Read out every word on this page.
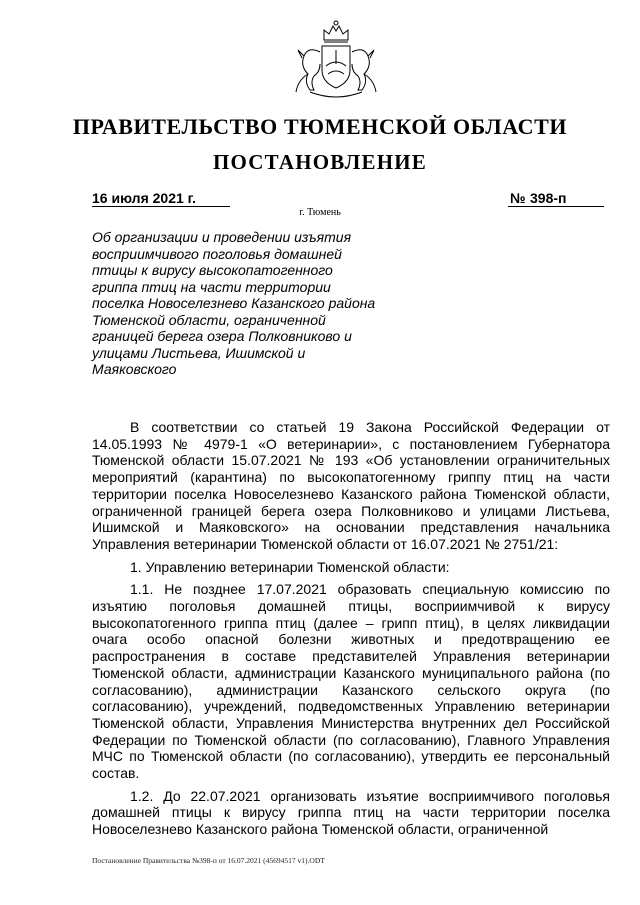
ПРАВИТЕЛЬСТВО ТЮМЕНСКОЙ ОБЛАСТИ
ПОСТАНОВЛЕНИЕ
16 июля 2021 г.	№ 398-п
г. Тюмень
Об организации и проведении изъятия восприимчивого поголовья домашней птицы к вирусу высокопатогенного гриппа птиц на части территории поселка Новоселезнево Казанского района Тюменской области, ограниченной границей берега озера Полковниково и улицами Листьева, Ишимской и Маяковского

В соответствии со статьей 19 Закона Российской Федерации от 14.05.1993 № 4979-1 «О ветеринарии», с постановлением Губернатора Тюменской области 15.07.2021 № 193 «Об установлении ограничительных мероприятий (карантина) по высокопатогенному гриппу птиц на части территории поселка Новоселезнево Казанского района Тюменской области, ограниченной границей берега озера Полковниково и улицами Листьева, Ишимской и Маяковского» на основании представления начальника Управления ветеринарии Тюменской области от 16.07.2021 № 2751/21:

1. Управлению ветеринарии Тюменской области:

1.1. Не позднее 17.07.2021 образовать специальную комиссию по изъятию поголовья домашней птицы, восприимчивой к вирусу высокопатогенного гриппа птиц (далее – грипп птиц), в целях ликвидации очага особо опасной болезни животных и предотвращению ее распространения в составе представителей Управления ветеринарии Тюменской области, администрации Казанского муниципального района (по согласованию), администрации Казанского сельского округа (по согласованию), учреждений, подведомственных Управлению ветеринарии Тюменской области, Управления Министерства внутренних дел Российской Федерации по Тюменской области (по согласованию), Главного Управления МЧС по Тюменской области (по согласованию), утвердить ее персональный состав.

1.2. До 22.07.2021 организовать изъятие восприимчивого поголовья домашней птицы к вирусу гриппа птиц на части территории поселка Новоселезнево Казанского района Тюменской области, ограниченной

Постановление Правительства №398-п от 16.07.2021 (45694517 v1).ODT
